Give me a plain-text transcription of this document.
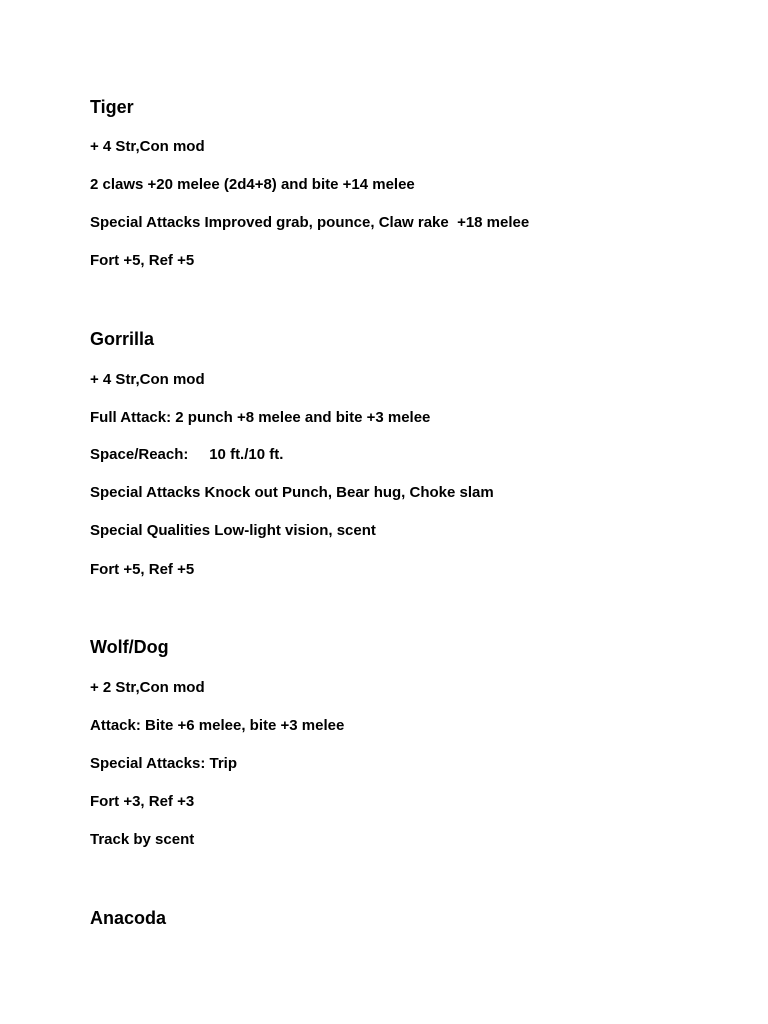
Tiger

+ 4 Str,Con mod

2 claws +20 melee (2d4+8) and bite +14 melee

Special Attacks Improved grab, pounce, Claw rake  +18 melee

Fort +5, Ref +5

Gorrilla

+ 4 Str,Con mod

Full Attack: 2 punch +8 melee and bite +3 melee

Space/Reach:     10 ft./10 ft.

Special Attacks Knock out Punch, Bear hug, Choke slam

Special Qualities Low-light vision, scent

Fort +5, Ref +5

Wolf/Dog

+ 2 Str,Con mod

Attack: Bite +6 melee, bite +3 melee

Special Attacks: Trip

Fort +3, Ref +3

Track by scent

Anacoda
